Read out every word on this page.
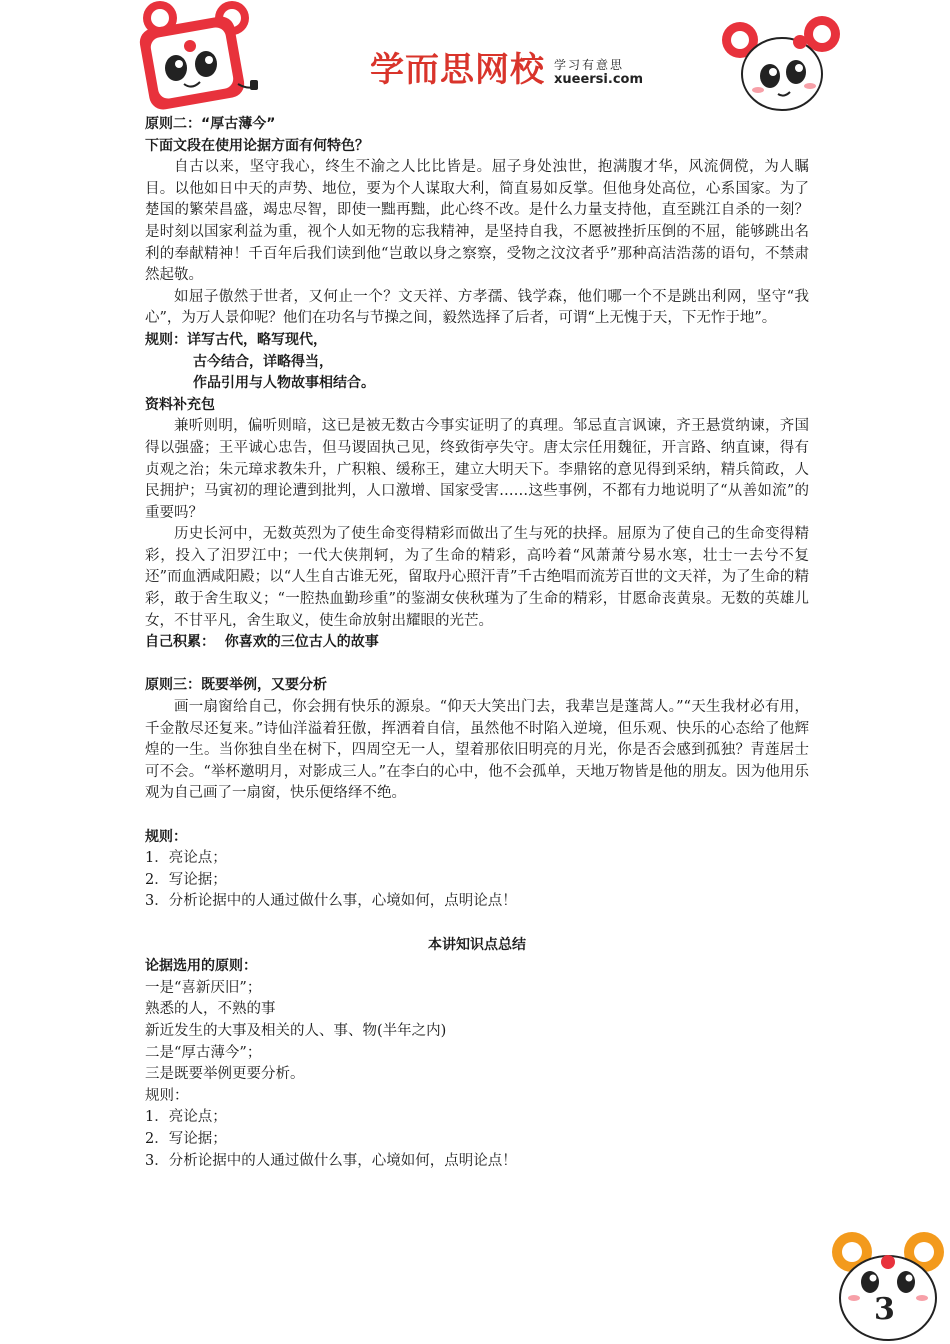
学而思网校 学习有意思
xueersi.com

原则二：“厚古薄今”

下面文段在使用论据方面有何特色？

自古以来，坚守我心，终生不渝之人比比皆是。屈子身处浊世，抱满腹才华，风流倜傥，为人瞩目。以他如日中天的声势、地位，要为个人谋取大利，简直易如反掌。但他身处高位，心系国家。为了楚国的繁荣昌盛，竭忠尽智，即使一黜再黜，此心终不改。是什么力量支持他，直至跳江自杀的一刻？是时刻以国家利益为重，视个人如无物的忘我精神，是坚持自我，不愿被挫折压倒的不屈，能够跳出名利的奉献精神！千百年后我们读到他“岂敢以身之察察，受物之汶汶者乎”那种高洁浩荡的语句，不禁肃然起敬。

如屈子傲然于世者，又何止一个？文天祥、方孝孺、钱学森，他们哪一个不是跳出利网，坚守“我心”，为万人景仰呢？他们在功名与节操之间，毅然选择了后者，可谓“上无愧于天，下无怍于地”。

规则：详写古代，略写现代，

古今结合，详略得当，

作品引用与人物故事相结合。

资料补充包

兼听则明，偏听则暗，这已是被无数古今事实证明了的真理。邹忌直言讽谏，齐王悬赏纳谏，齐国得以强盛；王平诚心忠告，但马谡固执己见，终致街亭失守。唐太宗任用魏征，开言路、纳直谏，得有贞观之治；朱元璋求教朱升，广积粮、缓称王，建立大明天下。李鼎铭的意见得到采纳，精兵简政，人民拥护；马寅初的理论遭到批判，人口激增、国家受害……这些事例，不都有力地说明了“从善如流”的重要吗？

历史长河中，无数英烈为了使生命变得精彩而做出了生与死的抉择。屈原为了使自己的生命变得精彩，投入了汨罗江中；一代大侠荆轲，为了生命的精彩，高吟着“风萧萧兮易水寒，壮士一去兮不复还”而血洒咸阳殿；以“人生自古谁无死，留取丹心照汗青”千古绝唱而流芳百世的文天祥，为了生命的精彩，敢于舍生取义；“一腔热血勤珍重”的鉴湖女侠秋瑾为了生命的精彩，甘愿命丧黄泉。无数的英雄儿女，不甘平凡，舍生取义，使生命放射出耀眼的光芒。

自己积累：  你喜欢的三位古人的故事

原则三：既要举例，又要分析

画一扇窗给自己，你会拥有快乐的源泉。“仰天大笑出门去，我辈岂是蓬蒿人。”“天生我材必有用，千金散尽还复来。”诗仙洋溢着狂傲，挥洒着自信，虽然他不时陷入逆境，但乐观、快乐的心态给了他辉煌的一生。当你独自坐在树下，四周空无一人，望着那依旧明亮的月光，你是否会感到孤独？青莲居士可不会。“举杯邀明月，对影成三人。”在李白的心中，他不会孤单，天地万物皆是他的朋友。因为他用乐观为自己画了一扇窗，快乐便络绎不绝。

规则：

1．亮论点；

2．写论据；

3．分析论据中的人通过做什么事，心境如何，点明论点！

本讲知识点总结

论据选用的原则：

一是“喜新厌旧”；

熟悉的人，不熟的事

新近发生的大事及相关的人、事、物(半年之内)

二是“厚古薄今”；

三是既要举例更要分析。

规则：

1．亮论点；

2．写论据；

3．分析论据中的人通过做什么事，心境如何，点明论点！

3
